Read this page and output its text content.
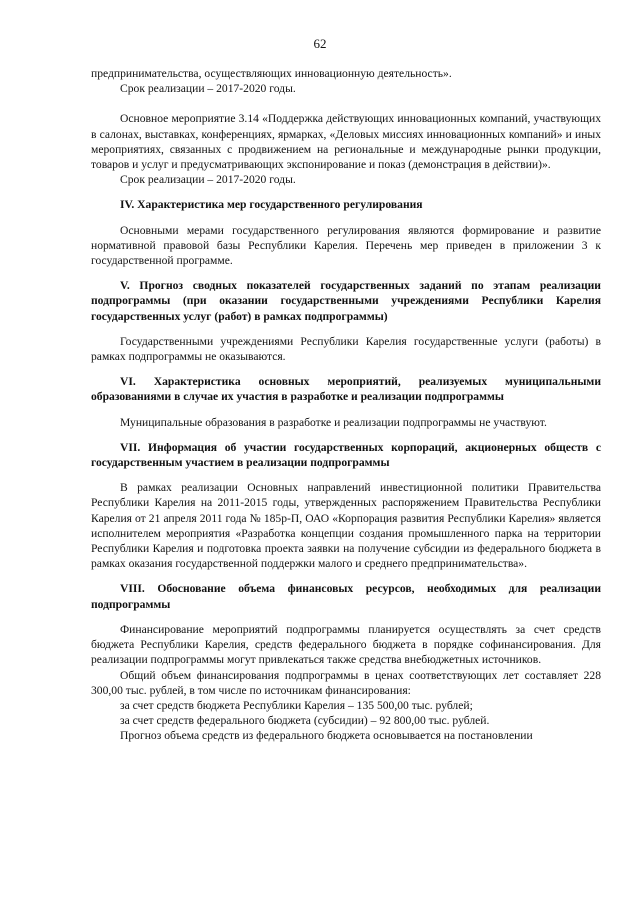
62

предпринимательства, осуществляющих инновационную деятельность».

Срок реализации – 2017-2020 годы.

Основное мероприятие 3.14 «Поддержка действующих инновационных компаний, участвующих в салонах, выставках, конференциях, ярмарках, «Деловых миссиях инновационных компаний» и иных мероприятиях, связанных с продвижением на региональные и международные рынки продукции, товаров и услуг и предусматривающих экспонирование и показ (демонстрация в действии)».

Срок реализации – 2017-2020 годы.

IV. Характеристика мер государственного регулирования

Основными мерами государственного регулирования являются формирование и развитие нормативной правовой базы Республики Карелия. Перечень мер приведен в приложении 3 к государственной программе.

V. Прогноз сводных показателей государственных заданий по этапам реализации подпрограммы (при оказании государственными учреждениями Республики Карелия государственных услуг (работ) в рамках подпрограммы)

Государственными учреждениями Республики Карелия государственные услуги (работы) в рамках подпрограммы не оказываются.

VI. Характеристика основных мероприятий, реализуемых муниципальными образованиями в случае их участия в разработке и реализации подпрограммы

Муниципальные образования в разработке и реализации подпрограммы не участвуют.

VII. Информация об участии государственных корпораций, акционерных обществ с государственным участием в реализации подпрограммы

В рамках реализации Основных направлений инвестиционной политики Правительства Республики Карелия на 2011-2015 годы, утвержденных распоряжением Правительства Республики Карелия от 21 апреля 2011 года № 185р-П, ОАО «Корпорация развития Республики Карелия» является исполнителем мероприятия «Разработка концепции создания промышленного парка на территории Республики Карелия и подготовка проекта заявки на получение субсидии из федерального бюджета в рамках оказания государственной поддержки малого и среднего предпринимательства».

VIII. Обоснование объема финансовых ресурсов, необходимых для реализации подпрограммы

Финансирование мероприятий подпрограммы планируется осуществлять за счет средств бюджета Республики Карелия, средств федерального бюджета в порядке софинансирования. Для реализации подпрограммы могут привлекаться также средства внебюджетных источников.

Общий объем финансирования подпрограммы в ценах соответствующих лет составляет 228 300,00 тыс. рублей, в том числе по источникам финансирования:

за счет средств бюджета Республики Карелия – 135 500,00 тыс. рублей;

за счет средств федерального бюджета (субсидии) – 92 800,00 тыс. рублей.

Прогноз объема средств из федерального бюджета основывается на постановлении
